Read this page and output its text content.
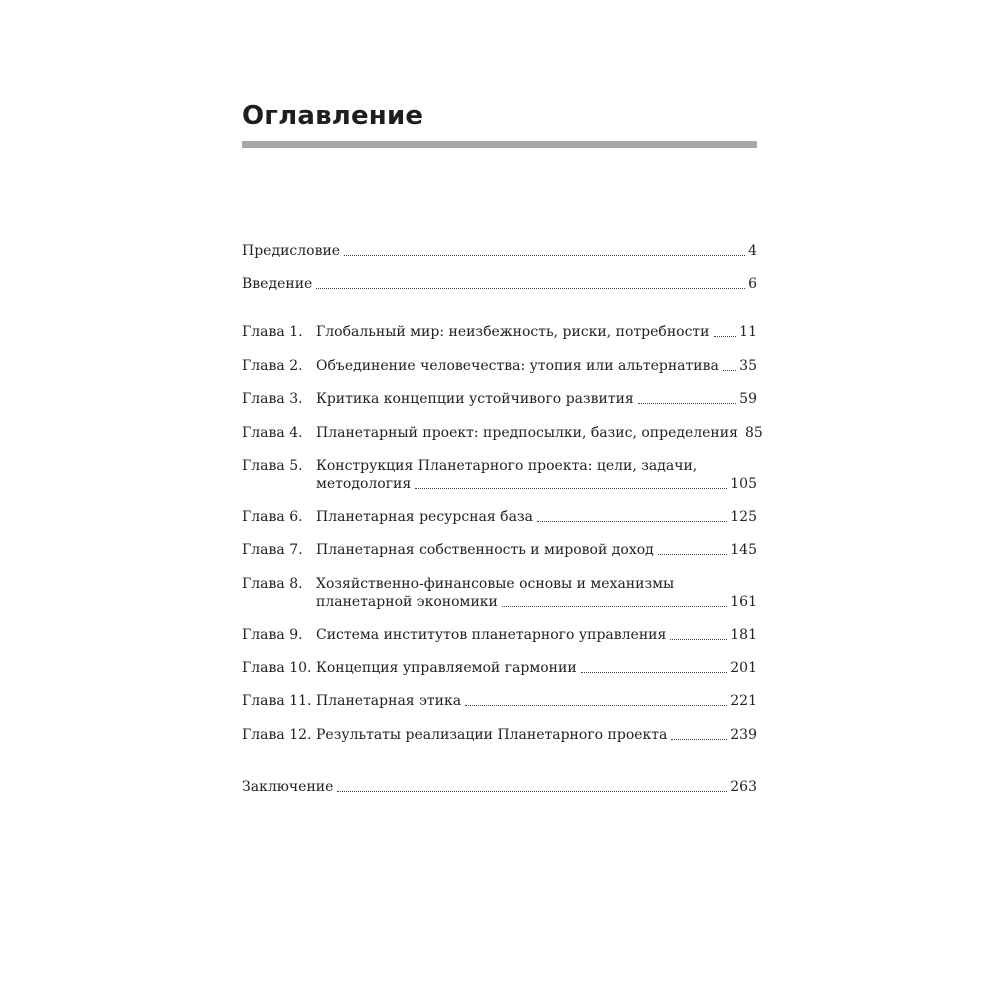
Оглавление
Предисловие	4
Введение	6
Глава 1. Глобальный мир: неизбежность, риски, потребности 11
Глава 2. Объединение человечества: утопия или альтернатива 35
Глава 3. Критика концепции устойчивого развития	59
Глава 4. Планетарный проект: предпосылки, базис, определения 85
Глава 5. Конструкция Планетарного проекта: цели, задачи,
методология	105
Глава 6. Планетарная ресурсная база	125
Глава 7. Планетарная собственность и мировой доход	145
Глава 8. Хозяйственно-финансовые основы и механизмы
планетарной экономики	161
Глава 9. Система институтов планетарного управления	181
Глава 10. Концепция управляемой гармонии	201
Глава 11. Планетарная этика	221
Глава 12. Результаты реализации Планетарного проекта	239
Заключение	263
